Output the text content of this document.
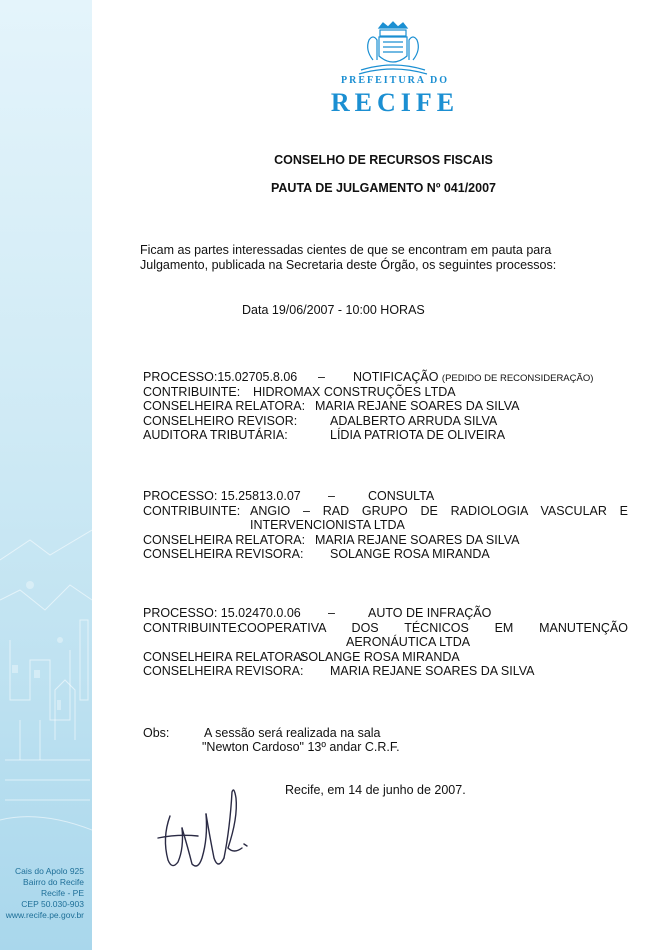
Cais do Apolo 925
Bairro do Recife
Recife - PE
CEP 50.030-903
www.recife.pe.gov.br
PREFEITURA DO
RECIFE
CONSELHO DE RECURSOS FISCAIS
PAUTA DE JULGAMENTO Nº 041/2007
Ficam as partes interessadas cientes de que se encontram em pauta para
Julgamento, publicada na Secretaria deste Órgão, os seguintes processos:
Data 19/06/2007 - 10:00 HORAS
PROCESSO:15.02705.8.06 – NOTIFICAÇÃO (PEDIDO DE RECONSIDERAÇÃO)
CONTRIBUINTE: HIDROMAX CONSTRUÇÕES LTDA
CONSELHEIRA RELATORA: MARIA REJANE SOARES DA SILVA
CONSELHEIRO REVISOR:	ADALBERTO ARRUDA SILVA
AUDITORA TRIBUTÁRIA:	LÍDIA PATRIOTA DE OLIVEIRA
PROCESSO: 15.25813.0.07 –	CONSULTA
CONTRIBUINTE: ANGIO – RAD GRUPO DE RADIOLOGIA VASCULAR E
INTERVENCIONISTA LTDA
CONSELHEIRA RELATORA: MARIA REJANE SOARES DA SILVA
CONSELHEIRA REVISORA: SOLANGE ROSA MIRANDA
PROCESSO: 15.02470.0.06 –	AUTO DE INFRAÇÃO
CONTRIBUINTE:
COOPERATIVA DOS TÉCNICOS EM MANUTENÇÃO
AERONÁUTICA LTDA
CONSELHEIRA RELATORA:
SOLANGE ROSA MIRANDA
CONSELHEIRA REVISORA: MARIA REJANE SOARES DA SILVA
Obs:	A sessão será realizada na sala
"Newton Cardoso" 13º andar C.R.F.
Recife, em 14 de junho de 2007.
